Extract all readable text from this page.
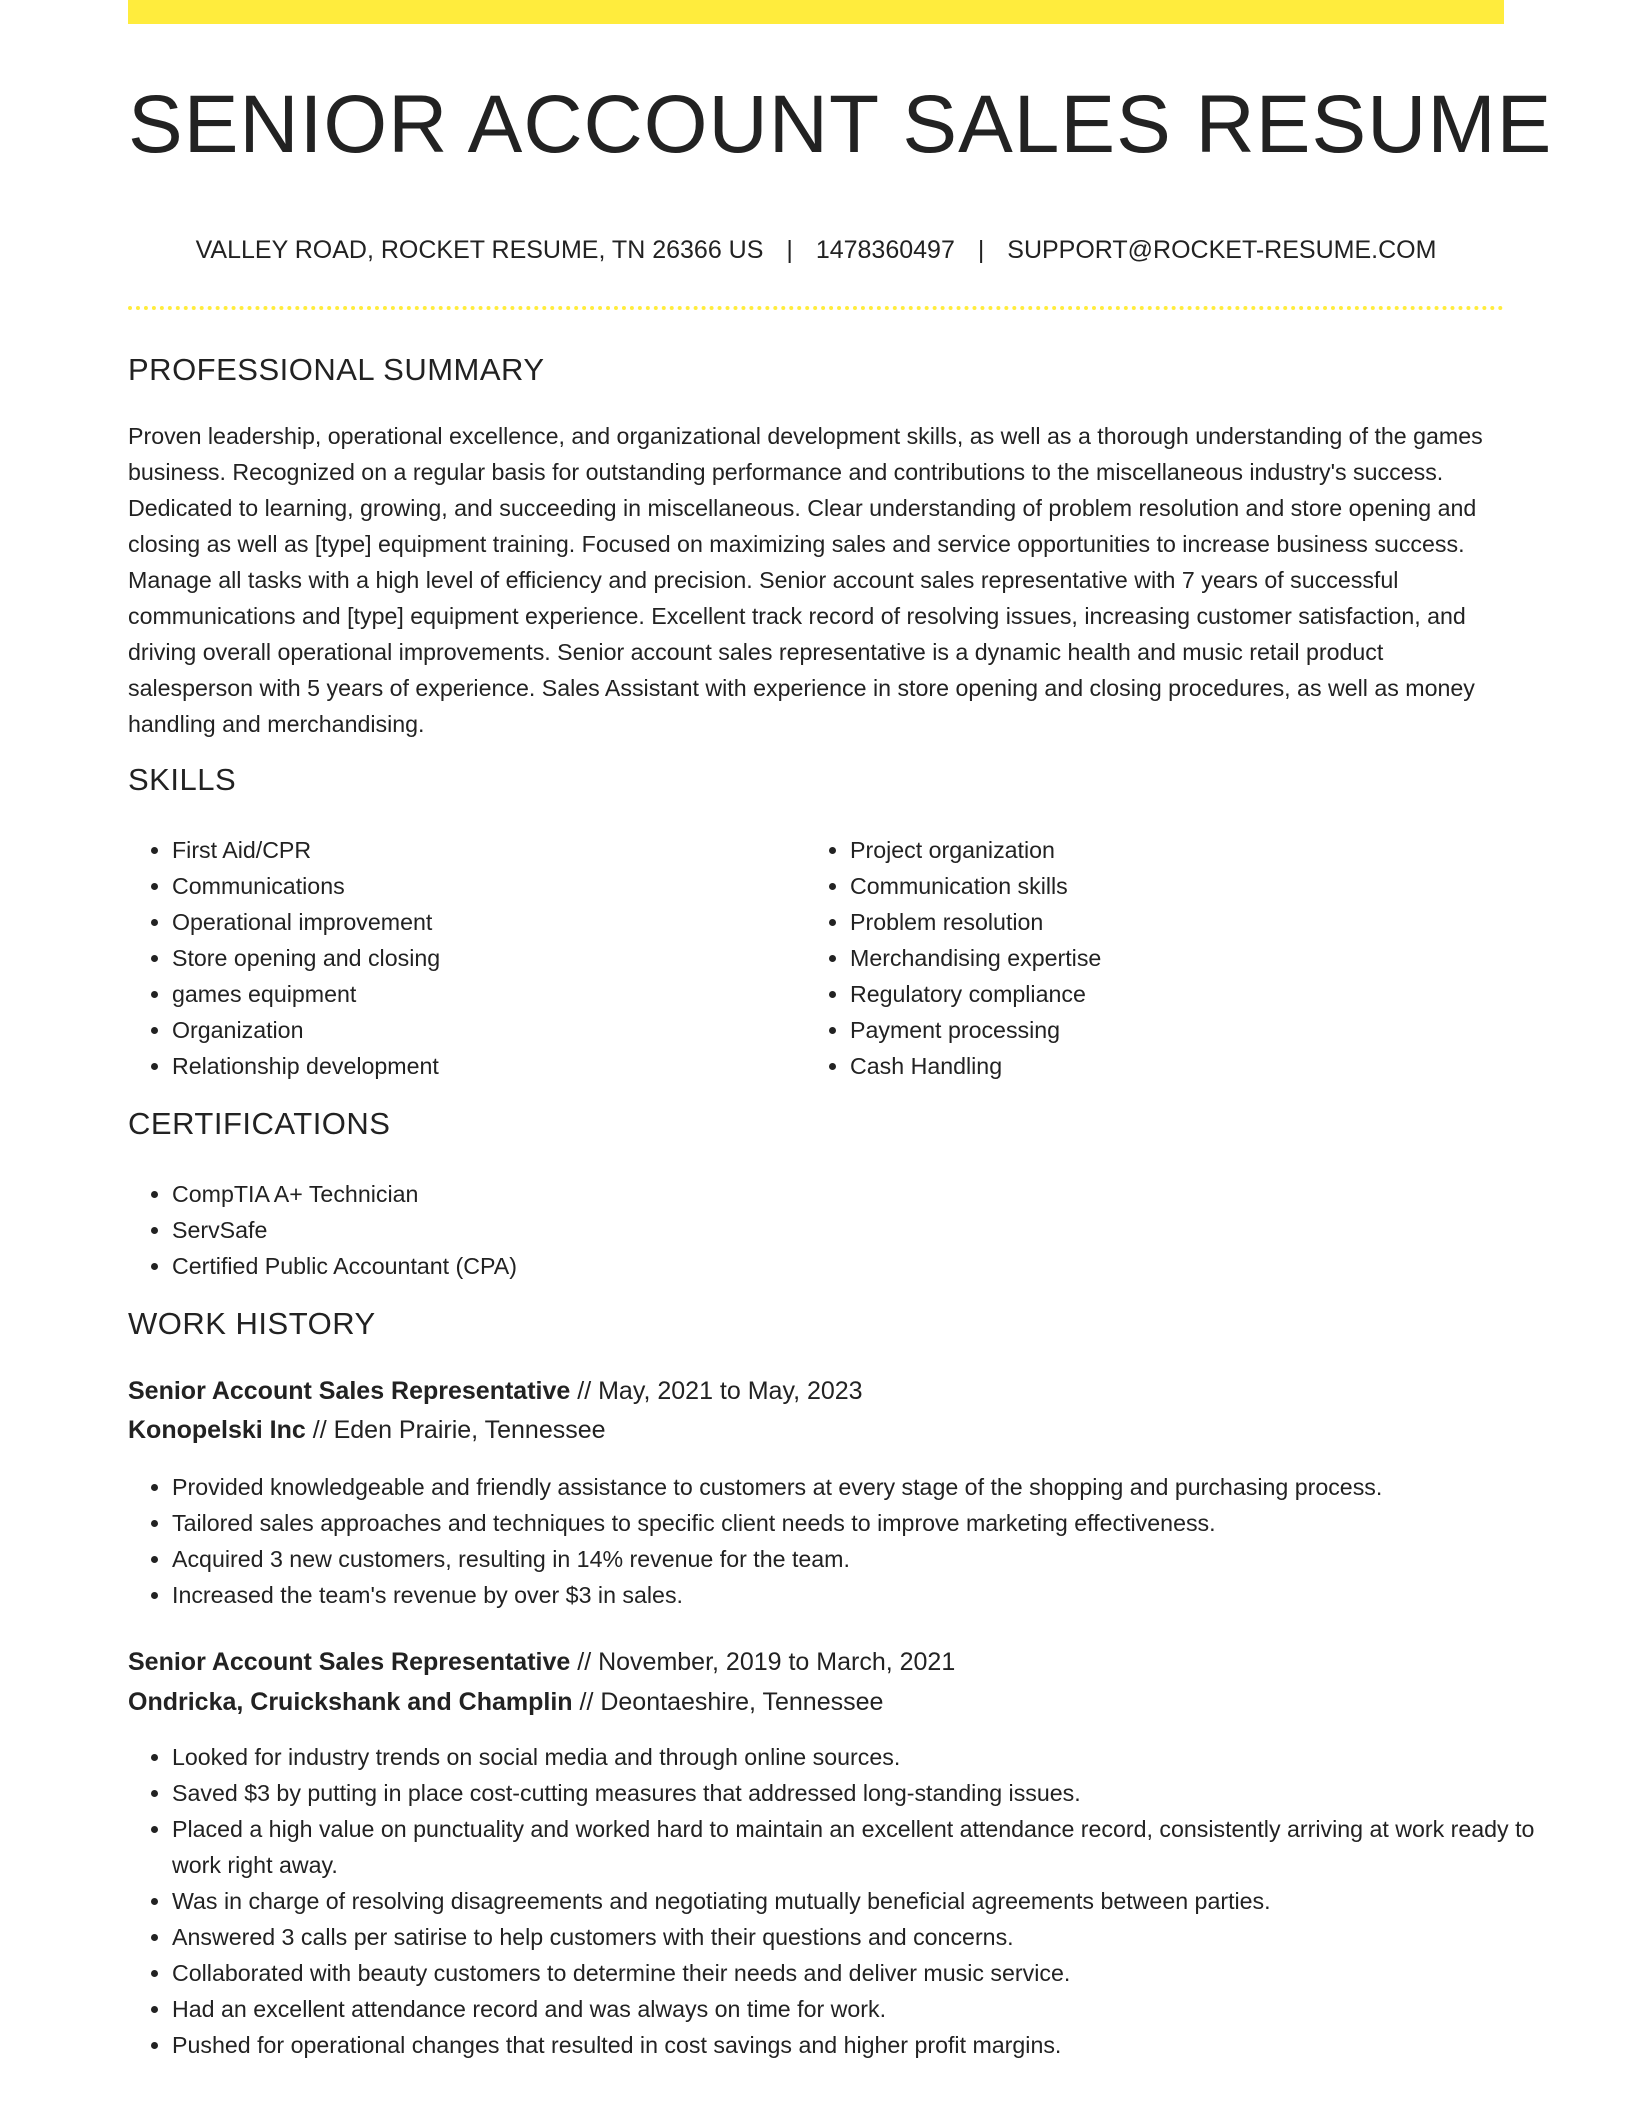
SENIOR ACCOUNT SALES RESUME
VALLEY ROAD, ROCKET RESUME, TN 26366 US | 1478360497 | SUPPORT@ROCKET-RESUME.COM
PROFESSIONAL SUMMARY

Proven leadership, operational excellence, and organizational development skills, as well as a thorough understanding of the games business. Recognized on a regular basis for outstanding performance and contributions to the miscellaneous industry's success. Dedicated to learning, growing, and succeeding in miscellaneous. Clear understanding of problem resolution and store opening and closing as well as [type] equipment training. Focused on maximizing sales and service opportunities to increase business success. Manage all tasks with a high level of efficiency and precision. Senior account sales representative with 7 years of successful communications and [type] equipment experience. Excellent track record of resolving issues, increasing customer satisfaction, and driving overall operational improvements. Senior account sales representative is a dynamic health and music retail product salesperson with 5 years of experience. Sales Assistant with experience in store opening and closing procedures, as well as money handling and merchandising.

SKILLS
• First Aid/CPR
• Communications
• Operational improvement
• Store opening and closing
• games equipment
• Organization
• Relationship development
• Project organization
• Communication skills
• Problem resolution
• Merchandising expertise
• Regulatory compliance
• Payment processing
• Cash Handling
CERTIFICATIONS
• CompTIA A+ Technician
• ServSafe
• Certified Public Accountant (CPA)
WORK HISTORY
Senior Account Sales Representative // May, 2021 to May, 2023
Konopelski Inc // Eden Prairie, Tennessee
• Provided knowledgeable and friendly assistance to customers at every stage of the shopping and purchasing process.
• Tailored sales approaches and techniques to specific client needs to improve marketing effectiveness.
• Acquired 3 new customers, resulting in 14% revenue for the team.
• Increased the team's revenue by over $3 in sales.
Senior Account Sales Representative // November, 2019 to March, 2021
Ondricka, Cruickshank and Champlin // Deontaeshire, Tennessee
• Looked for industry trends on social media and through online sources.
• Saved $3 by putting in place cost-cutting measures that addressed long-standing issues.
• Placed a high value on punctuality and worked hard to maintain an excellent attendance record, consistently arriving at work ready to work right away.
• Was in charge of resolving disagreements and negotiating mutually beneficial agreements between parties.
• Answered 3 calls per satirise to help customers with their questions and concerns.
• Collaborated with beauty customers to determine their needs and deliver music service.
• Had an excellent attendance record and was always on time for work.
• Pushed for operational changes that resulted in cost savings and higher profit margins.
